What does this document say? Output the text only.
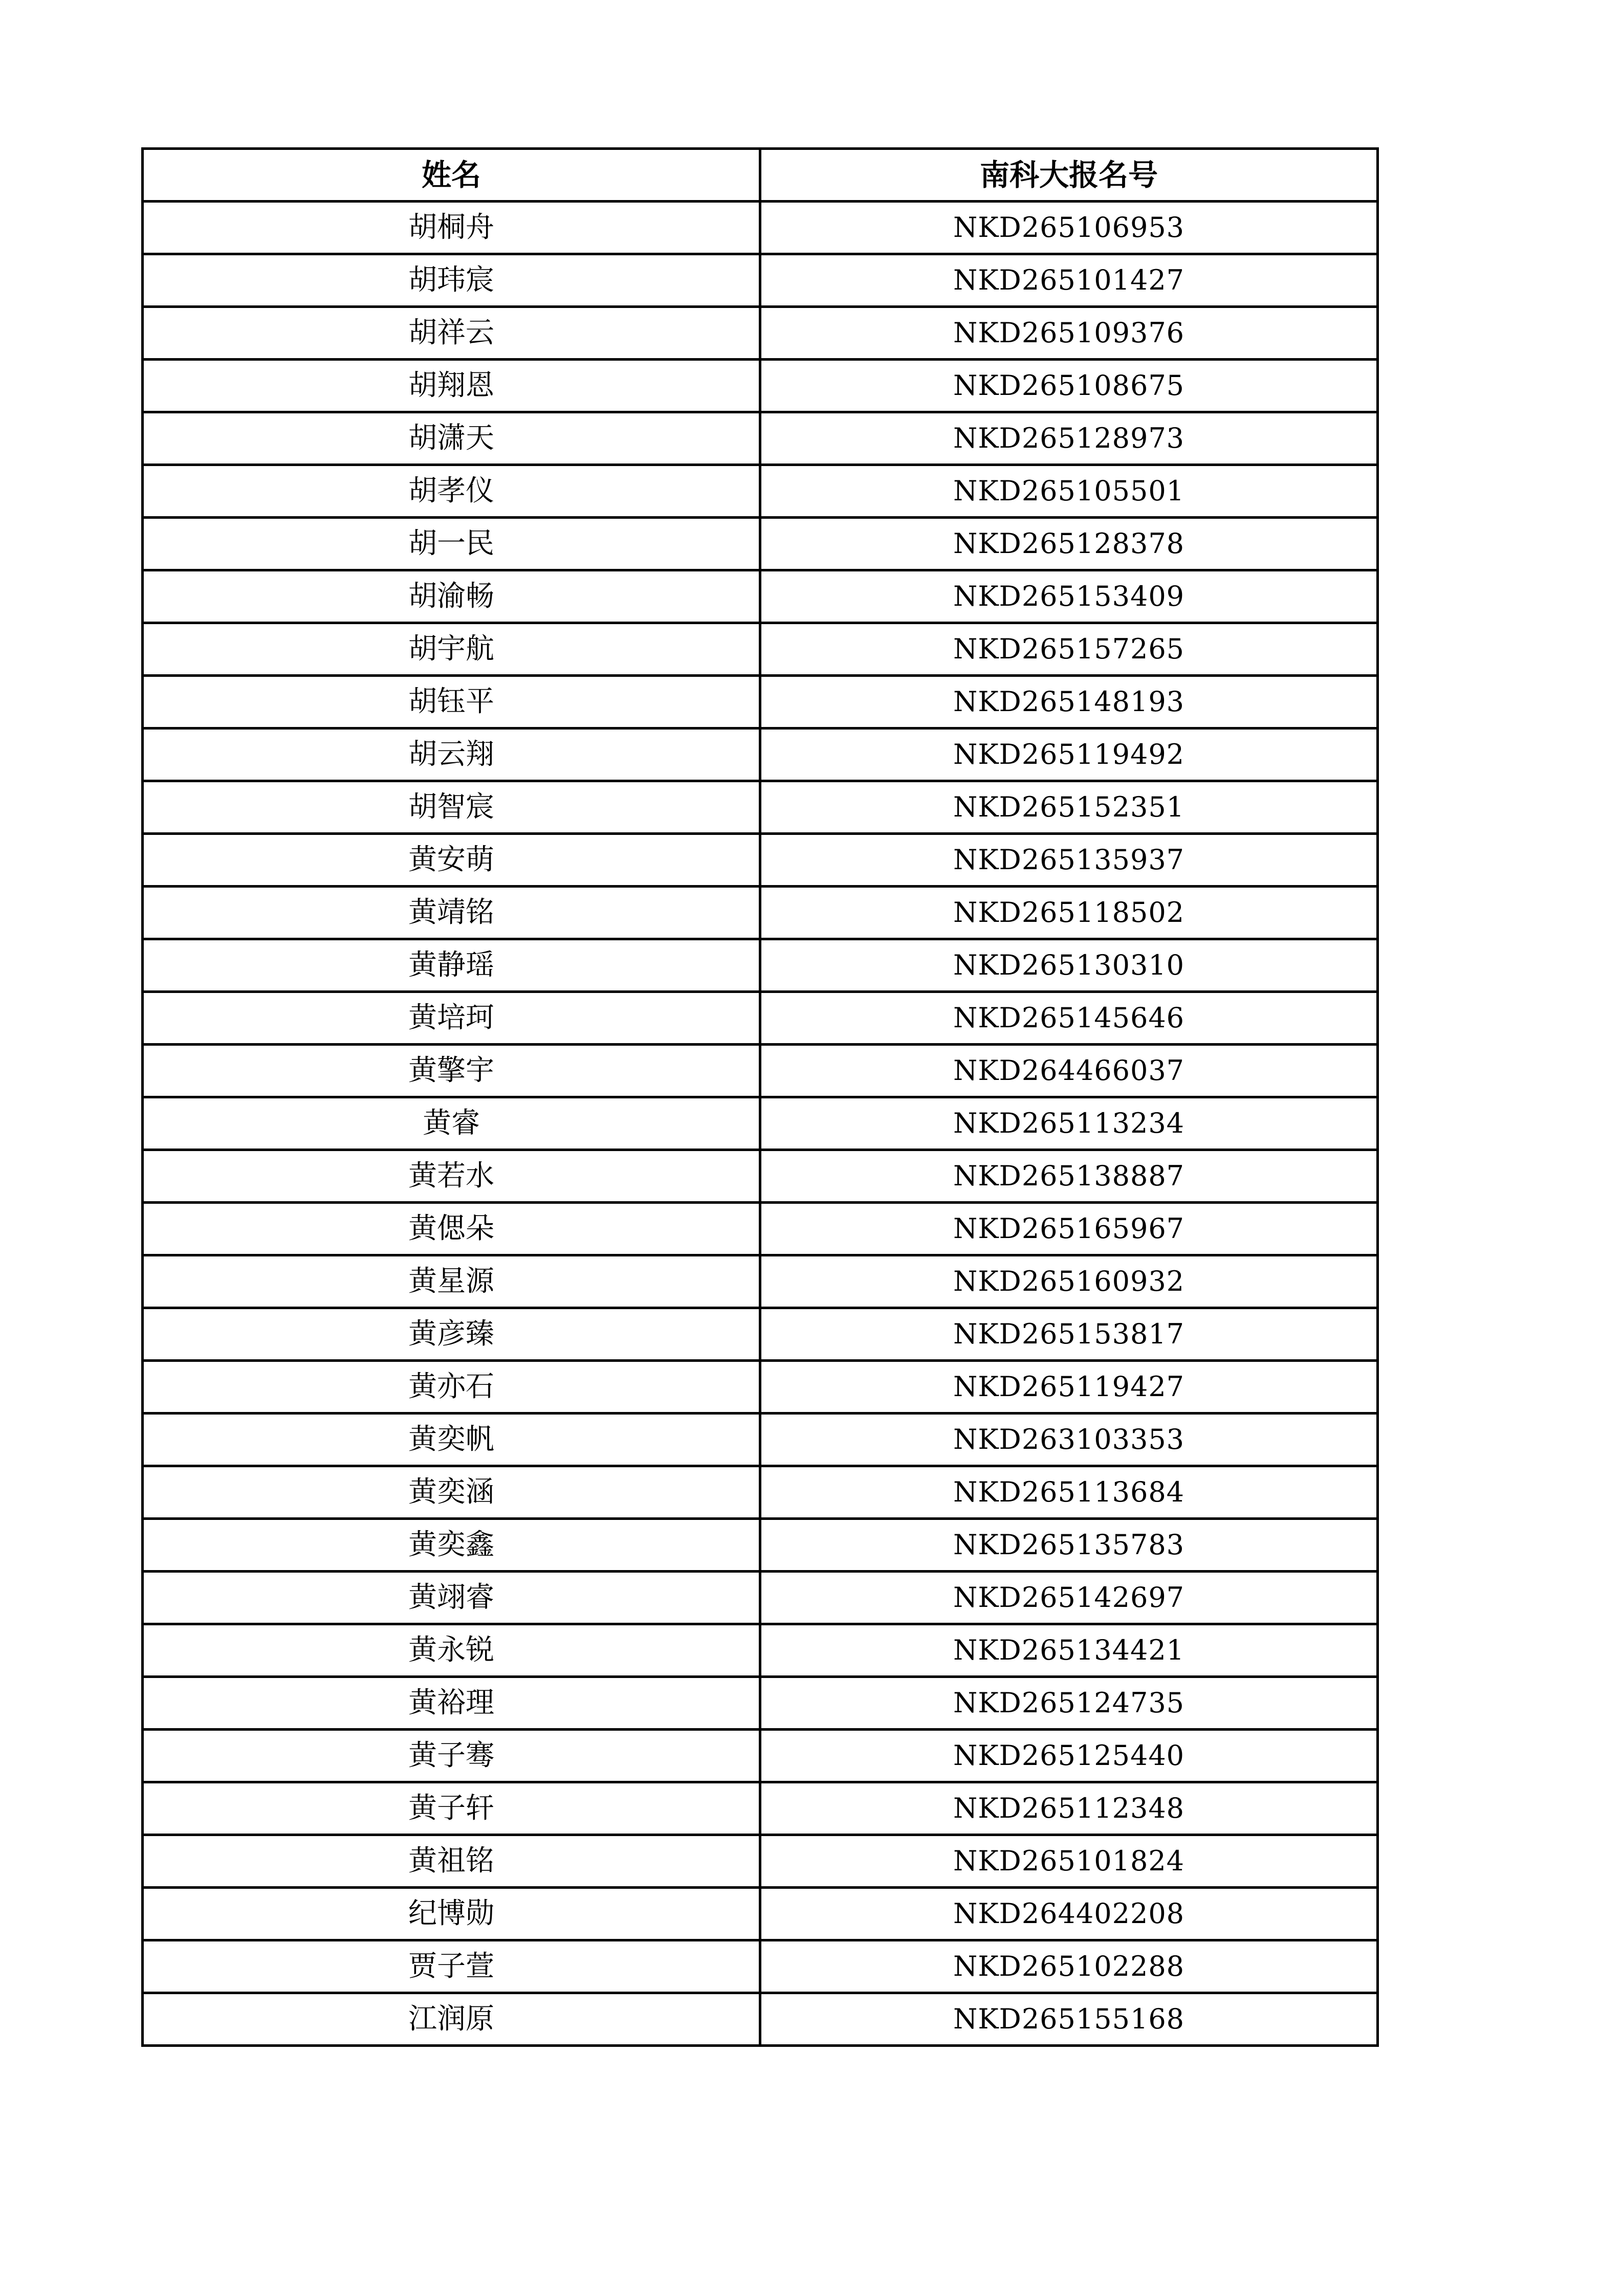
姓名	南科大报名号
胡桐舟	NKD265106953
胡玮宸	NKD265101427
胡祥云	NKD265109376
胡翔恩	NKD265108675
胡潇天	NKD265128973
胡孝仪	NKD265105501
胡一民	NKD265128378
胡渝畅	NKD265153409
胡宇航	NKD265157265
胡钰平	NKD265148193
胡云翔	NKD265119492
胡智宸	NKD265152351
黄安萌	NKD265135937
黄靖铭	NKD265118502
黄静瑶	NKD265130310
黄培珂	NKD265145646
黄擎宇	NKD264466037
黄睿	NKD265113234
黄若水	NKD265138887
黄偲朵	NKD265165967
黄星源	NKD265160932
黄彦臻	NKD265153817
黄亦石	NKD265119427
黄奕帆	NKD263103353
黄奕涵	NKD265113684
黄奕鑫	NKD265135783
黄翊睿	NKD265142697
黄永锐	NKD265134421
黄裕理	NKD265124735
黄子骞	NKD265125440
黄子轩	NKD265112348
黄祖铭	NKD265101824
纪博勋	NKD264402208
贾子萱	NKD265102288
江润原	NKD265155168
